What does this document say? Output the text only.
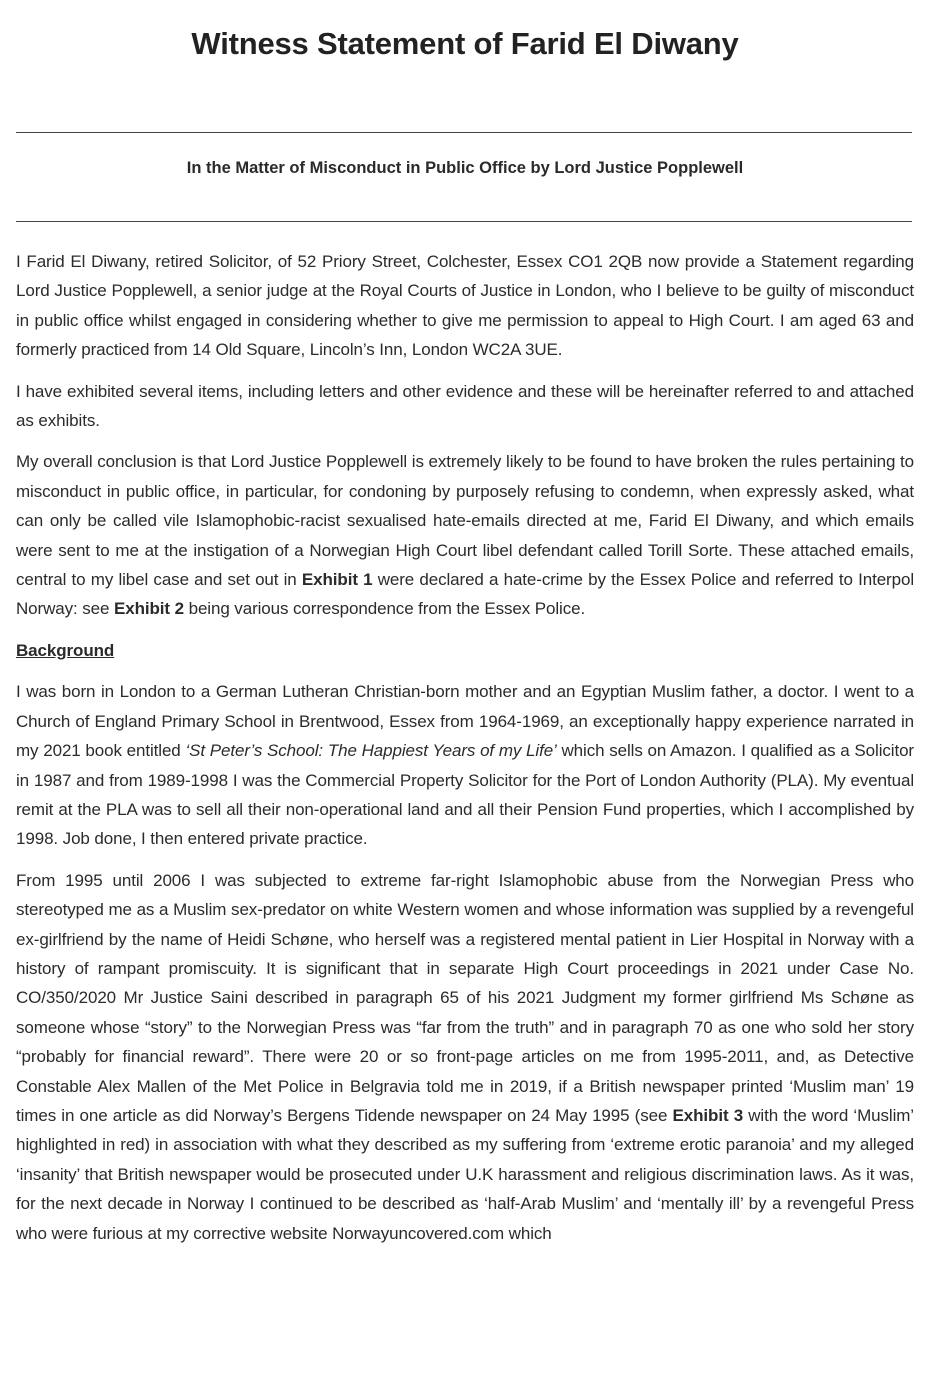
Witness Statement of Farid El Diwany
In the Matter of Misconduct in Public Office by Lord Justice Popplewell

I Farid El Diwany, retired Solicitor, of 52 Priory Street, Colchester, Essex CO1 2QB now provide a Statement regarding Lord Justice Popplewell, a senior judge at the Royal Courts of Justice in London, who I believe to be guilty of misconduct in public office whilst engaged in considering whether to give me permission to appeal to High Court. I am aged 63 and formerly practiced from 14 Old Square, Lincoln’s Inn, London WC2A 3UE.

I have exhibited several items, including letters and other evidence and these will be hereinafter referred to and attached as exhibits.

My overall conclusion is that Lord Justice Popplewell is extremely likely to be found to have broken the rules pertaining to misconduct in public office, in particular, for condoning by purposely refusing to condemn, when expressly asked, what can only be called vile Islamophobic-racist sexualised hate-emails directed at me, Farid El Diwany, and which emails were sent to me at the instigation of a Norwegian High Court libel defendant called Torill Sorte. These attached emails, central to my libel case and set out in Exhibit 1 were declared a hate-crime by the Essex Police and referred to Interpol Norway: see Exhibit 2 being various correspondence from the Essex Police.

Background

I was born in London to a German Lutheran Christian-born mother and an Egyptian Muslim father, a doctor. I went to a Church of England Primary School in Brentwood, Essex from 1964-1969, an exceptionally happy experience narrated in my 2021 book entitled ‘St Peter’s School: The Happiest Years of my Life’ which sells on Amazon. I qualified as a Solicitor in 1987 and from 1989-1998 I was the Commercial Property Solicitor for the Port of London Authority (PLA). My eventual remit at the PLA was to sell all their non-operational land and all their Pension Fund properties, which I accomplished by 1998. Job done, I then entered private practice.

From 1995 until 2006 I was subjected to extreme far-right Islamophobic abuse from the Norwegian Press who stereotyped me as a Muslim sex-predator on white Western women and whose information was supplied by a revengeful ex-girlfriend by the name of Heidi Schøne, who herself was a registered mental patient in Lier Hospital in Norway with a history of rampant promiscuity. It is significant that in separate High Court proceedings in 2021 under Case No. CO/350/2020 Mr Justice Saini described in paragraph 65 of his 2021 Judgment my former girlfriend Ms Schøne as someone whose “story” to the Norwegian Press was “far from the truth” and in paragraph 70 as one who sold her story “probably for financial reward”. There were 20 or so front-page articles on me from 1995-2011, and, as Detective Constable Alex Mallen of the Met Police in Belgravia told me in 2019, if a British newspaper printed ‘Muslim man’ 19 times in one article as did Norway’s Bergens Tidende newspaper on 24 May 1995 (see Exhibit 3 with the word ‘Muslim’ highlighted in red) in association with what they described as my suffering from ‘extreme erotic paranoia’ and my alleged ‘insanity’ that British newspaper would be prosecuted under U.K harassment and religious discrimination laws. As it was, for the next decade in Norway I continued to be described as ‘half-Arab Muslim’ and ‘mentally ill’ by a revengeful Press who were furious at my corrective website Norwayuncovered.com which
